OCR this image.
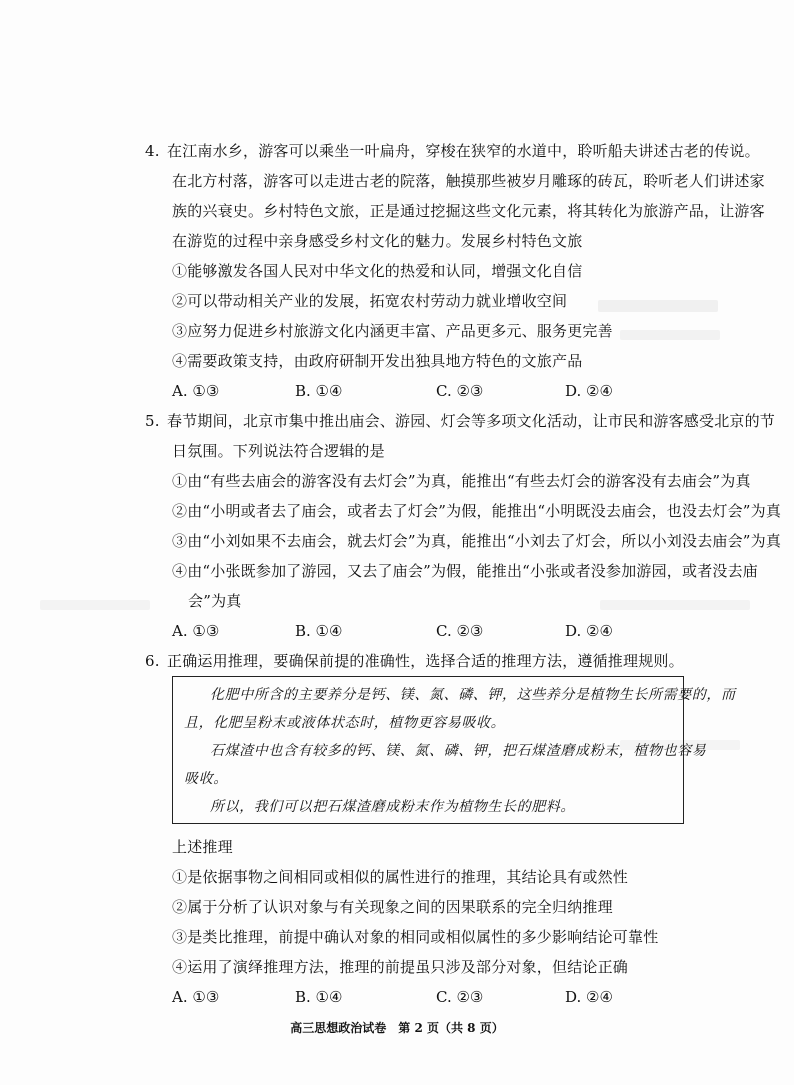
4. 在江南水乡，游客可以乘坐一叶扁舟，穿梭在狭窄的水道中，聆听船夫讲述古老的传说。
在北方村落，游客可以走进古老的院落，触摸那些被岁月雕琢的砖瓦，聆听老人们讲述家
族的兴衰史。乡村特色文旅，正是通过挖掘这些文化元素，将其转化为旅游产品，让游客
在游览的过程中亲身感受乡村文化的魅力。发展乡村特色文旅
①能够激发各国人民对中华文化的热爱和认同，增强文化自信
②可以带动相关产业的发展，拓宽农村劳动力就业增收空间
③应努力促进乡村旅游文化内涵更丰富、产品更多元、服务更完善
④需要政策支持，由政府研制开发出独具地方特色的文旅产品
A. ①③	B. ①④	C. ②③	D. ②④
5. 春节期间，北京市集中推出庙会、游园、灯会等多项文化活动，让市民和游客感受北京的节
日氛围。下列说法符合逻辑的是
①由“有些去庙会的游客没有去灯会”为真，能推出“有些去灯会的游客没有去庙会”为真
②由“小明或者去了庙会，或者去了灯会”为假，能推出“小明既没去庙会，也没去灯会”为真
③由“小刘如果不去庙会，就去灯会”为真，能推出“小刘去了灯会，所以小刘没去庙会”为真
④由“小张既参加了游园，又去了庙会”为假，能推出“小张或者没参加游园，或者没去庙
会”为真
A. ①③	B. ①④	C. ②③	D. ②④
6. 正确运用推理，要确保前提的准确性，选择合适的推理方法，遵循推理规则。
化肥中所含的主要养分是钙、镁、氮、磷、钾，这些养分是植物生长所需要的，而
且，化肥呈粉末或液体状态时，植物更容易吸收。
石煤渣中也含有较多的钙、镁、氮、磷、钾，把石煤渣磨成粉末，植物也容易
吸收。
所以，我们可以把石煤渣磨成粉末作为植物生长的肥料。
上述推理
①是依据事物之间相同或相似的属性进行的推理，其结论具有或然性
②属于分析了认识对象与有关现象之间的因果联系的完全归纳推理
③是类比推理，前提中确认对象的相同或相似属性的多少影响结论可靠性
④运用了演绎推理方法，推理的前提虽只涉及部分对象，但结论正确
A. ①③	B. ①④	C. ②③	D. ②④
高三思想政治试卷　第 2 页（共 8 页）
